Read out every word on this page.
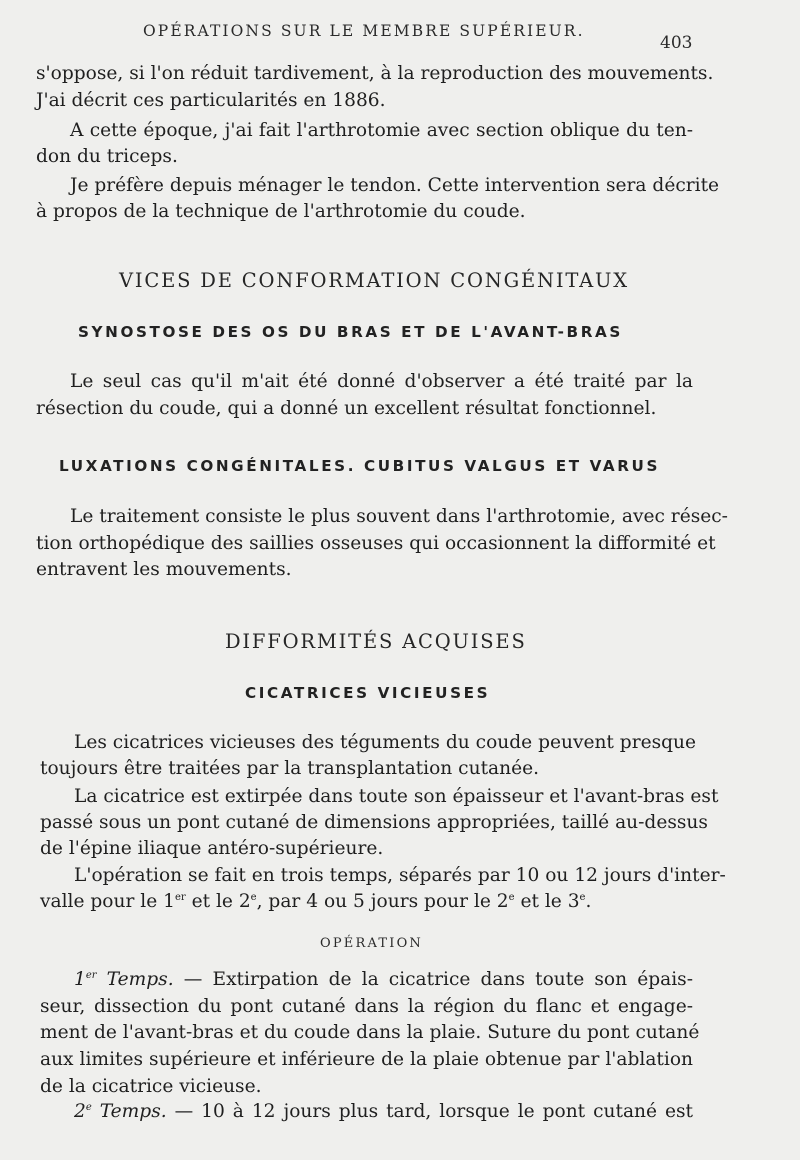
OPÉRATIONS SUR LE MEMBRE SUPÉRIEUR.
403
s'oppose, si l'on réduit tardivement, à la reproduction des mouvements.
J'ai décrit ces particularités en 1886.
A cette époque, j'ai fait l'arthrotomie avec section oblique du ten-
don du triceps.
Je préfère depuis ménager le tendon. Cette intervention sera décrite
à propos de la technique de l'arthrotomie du coude.
VICES DE CONFORMATION CONGÉNITAUX
SYNOSTOSE DES OS DU BRAS ET DE L'AVANT-BRAS
Le seul cas qu'il m'ait été donné d'observer a été traité par la
résection du coude, qui a donné un excellent résultat fonctionnel.
LUXATIONS CONGÉNITALES. CUBITUS VALGUS ET VARUS
Le traitement consiste le plus souvent dans l'arthrotomie, avec résec-
tion orthopédique des saillies osseuses qui occasionnent la difformité et
entravent les mouvements.
DIFFORMITÉS ACQUISES
CICATRICES VICIEUSES
Les cicatrices vicieuses des téguments du coude peuvent presque
toujours être traitées par la transplantation cutanée.
La cicatrice est extirpée dans toute son épaisseur et l'avant-bras est
passé sous un pont cutané de dimensions appropriées, taillé au-dessus
de l'épine iliaque antéro-supérieure.
L'opération se fait en trois temps, séparés par 10 ou 12 jours d'inter-
valle pour le 1er et le 2e, par 4 ou 5 jours pour le 2e et le 3e.
OPÉRATION
1er Temps. — Extirpation de la cicatrice dans toute son épais-
seur, dissection du pont cutané dans la région du flanc et engage-
ment de l'avant-bras et du coude dans la plaie. Suture du pont cutané
aux limites supérieure et inférieure de la plaie obtenue par l'ablation
de la cicatrice vicieuse.
2e Temps. — 10 à 12 jours plus tard, lorsque le pont cutané est
